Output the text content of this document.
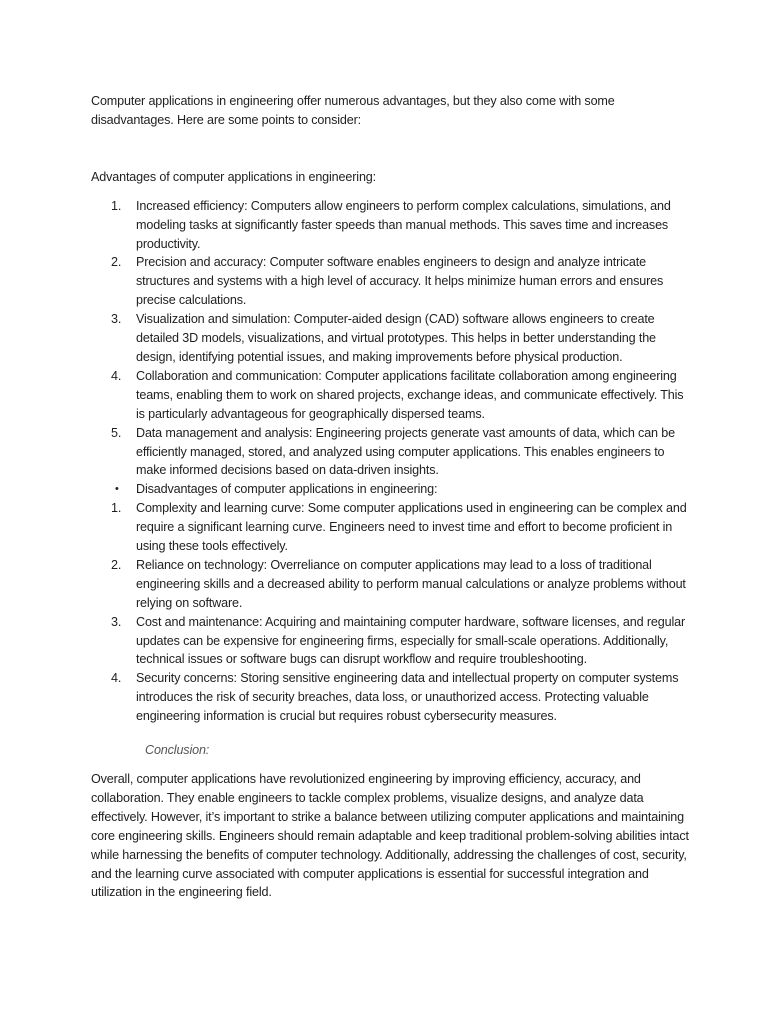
Computer applications in engineering offer numerous advantages, but they also come with some disadvantages. Here are some points to consider:

Advantages of computer applications in engineering:

1.	Increased efficiency: Computers allow engineers to perform complex calculations, simulations, and modeling tasks at significantly faster speeds than manual methods. This saves time and increases productivity.
2.	Precision and accuracy: Computer software enables engineers to design and analyze intricate structures and systems with a high level of accuracy. It helps minimize human errors and ensures precise calculations.
3.	Visualization and simulation: Computer-aided design (CAD) software allows engineers to create detailed 3D models, visualizations, and virtual prototypes. This helps in better understanding the design, identifying potential issues, and making improvements before physical production.
4.	Collaboration and communication: Computer applications facilitate collaboration among engineering teams, enabling them to work on shared projects, exchange ideas, and communicate effectively. This is particularly advantageous for geographically dispersed teams.
5.	Data management and analysis: Engineering projects generate vast amounts of data, which can be efficiently managed, stored, and analyzed using computer applications. This enables engineers to make informed decisions based on data-driven insights.
• Disadvantages of computer applications in engineering:
1.	Complexity and learning curve: Some computer applications used in engineering can be complex and require a significant learning curve. Engineers need to invest time and effort to become proficient in using these tools effectively.
2.	Reliance on technology: Overreliance on computer applications may lead to a loss of traditional engineering skills and a decreased ability to perform manual calculations or analyze problems without relying on software.
3.	Cost and maintenance: Acquiring and maintaining computer hardware, software licenses, and regular updates can be expensive for engineering firms, especially for small-scale operations. Additionally, technical issues or software bugs can disrupt workflow and require troubleshooting.
4.	Security concerns: Storing sensitive engineering data and intellectual property on computer systems introduces the risk of security breaches, data loss, or unauthorized access. Protecting valuable engineering information is crucial but requires robust cybersecurity measures.

Conclusion:

Overall, computer applications have revolutionized engineering by improving efficiency, accuracy, and collaboration. They enable engineers to tackle complex problems, visualize designs, and analyze data effectively. However, it’s important to strike a balance between utilizing computer applications and maintaining core engineering skills. Engineers should remain adaptable and keep traditional problem-solving abilities intact while harnessing the benefits of computer technology. Additionally, addressing the challenges of cost, security, and the learning curve associated with computer applications is essential for successful integration and utilization in the engineering field.
